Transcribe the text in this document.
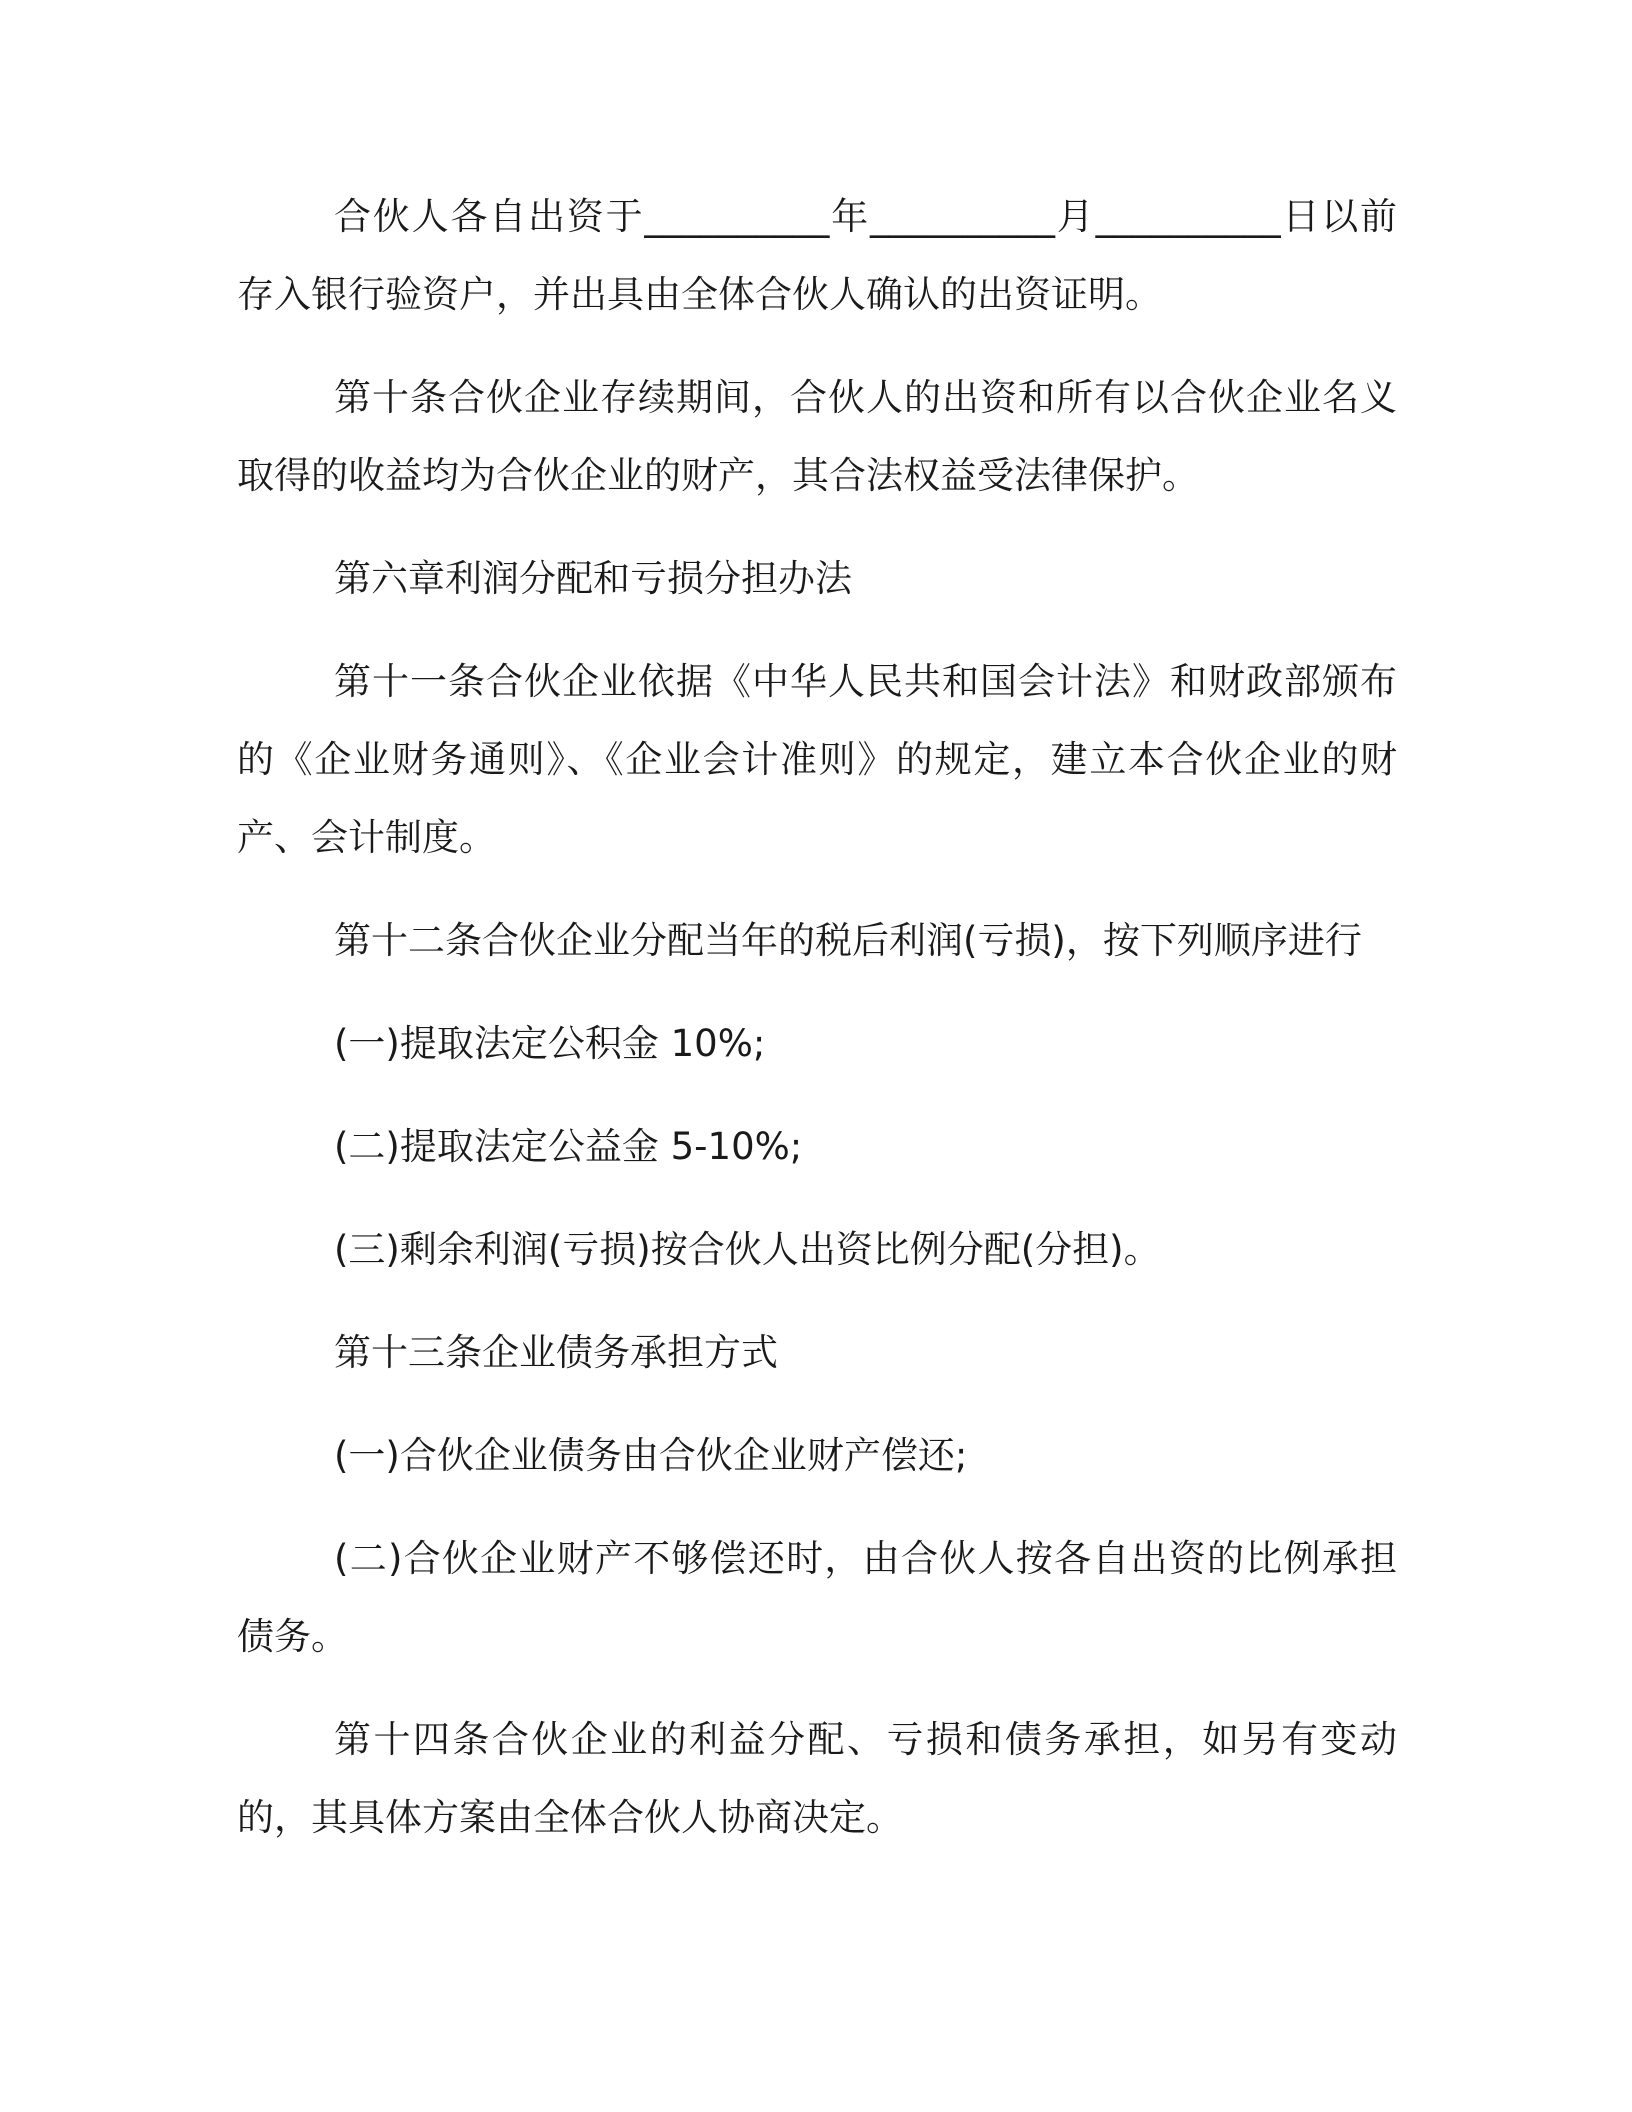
合伙人各自出资于__________年__________月__________日以前存入银行验资户，并出具由全体合伙人确认的出资证明。

第十条合伙企业存续期间，合伙人的出资和所有以合伙企业名义取得的收益均为合伙企业的财产，其合法权益受法律保护。

第六章利润分配和亏损分担办法

第十一条合伙企业依据《中华人民共和国会计法》和财政部颁布的《企业财务通则》、《企业会计准则》的规定，建立本合伙企业的财产、会计制度。

第十二条合伙企业分配当年的税后利润(亏损)，按下列顺序进行

(一)提取法定公积金 10%;

(二)提取法定公益金 5-10%;

(三)剩余利润(亏损)按合伙人出资比例分配(分担)。

第十三条企业债务承担方式

(一)合伙企业债务由合伙企业财产偿还;

(二)合伙企业财产不够偿还时，由合伙人按各自出资的比例承担债务。

第十四条合伙企业的利益分配、亏损和债务承担，如另有变动的，其具体方案由全体合伙人协商决定。
